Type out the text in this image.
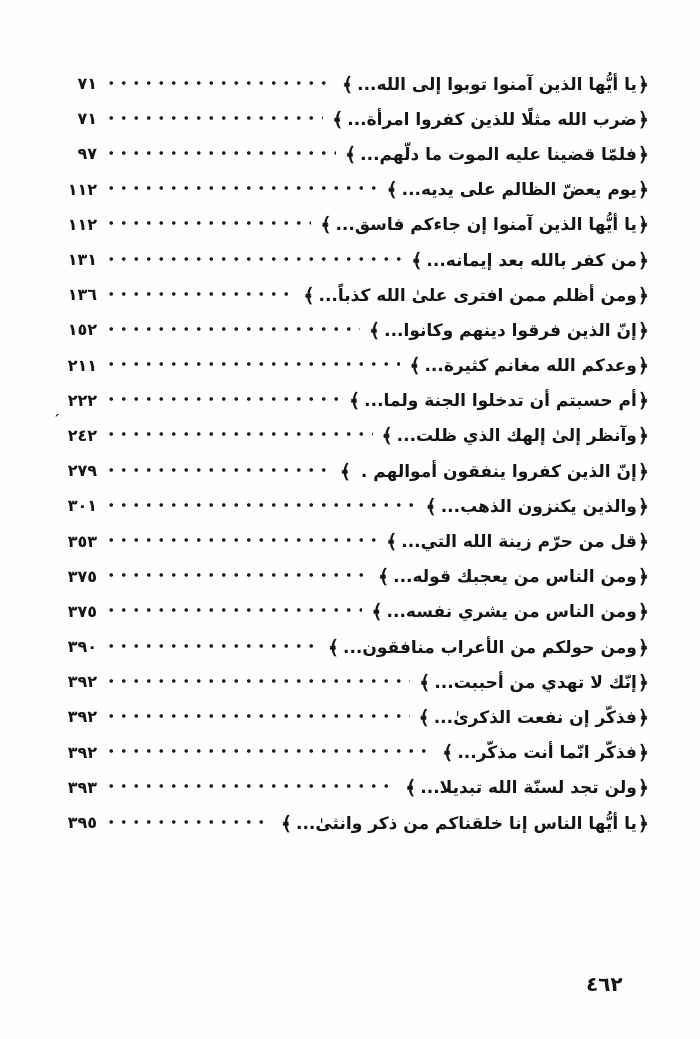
﴿يا أيُّها الذين آمنوا توبوا إلى الله...﴾
٧١
﴿ضرب الله مثلًا للذين كفروا امرأة...﴾
٧١
﴿فلمّا قضينا عليه الموت ما دلّهم...﴾
٩٧
﴿يوم يعضّ الظالم على يديه...﴾
١١٢
﴿يا أيُّها الذين آمنوا إن جاءكم فاسق...﴾
١١٢
﴿من كفر بالله بعد إيمانه...﴾
١٣١
﴿ومن أظلم ممن افترى علىٰ الله كذباً...﴾
١٣٦
﴿إنّ الذين فرقوا دينهم وكانوا...﴾
١٥٢
﴿وعدكم الله مغانم كثيرة...﴾
٢١١
﴿أم حسبتم أن تدخلوا الجنة ولما...﴾
٢٢٢
﴿وآنظر إلىٰ إلهك الذي ظلت...﴾
٢٤٢
´
﴿إنّ الذين كفروا ينفقون أموالهم . ﴾
٢٧٩
﴿والذين يكنزون الذهب...﴾
٣٠١
﴿قل من حرّم زينة الله التي...﴾
٣٥٣
﴿ومن الناس من يعجبك قوله...﴾
٣٧٥
﴿ومن الناس من يشري نفسه...﴾
٣٧٥
﴿ومن حولكم من الأعراب منافقون...﴾
٣٩٠
﴿إنّك لا تهدي من أحببت...﴾
٣٩٢
﴿فذكّر إن نفعت الذكرىٰ...﴾
٣٩٢
﴿فذكّر انّما أنت مذكّر...﴾
٣٩٢
﴿ولن تجد لسنّة الله تبديلا...﴾
٣٩٣
﴿يا أيُّها الناس إنا خلقناكم من ذكر وانثىٰ...﴾
٣٩٥
٤٦٢
